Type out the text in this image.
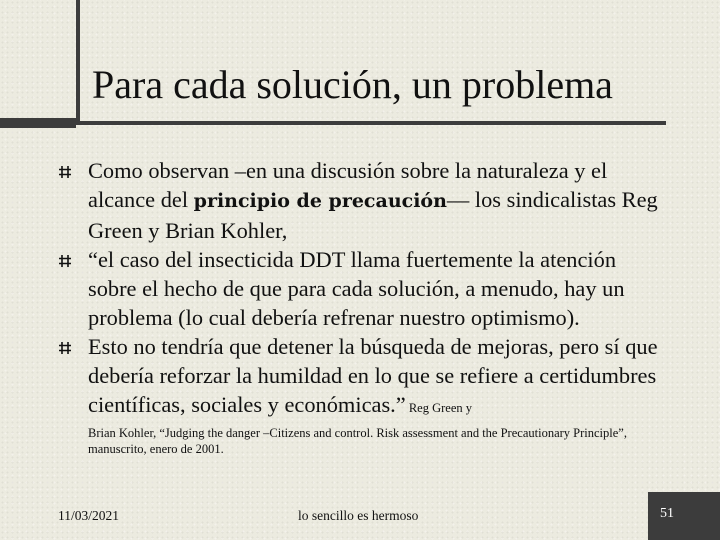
Para cada solución, un problema
Como observan –en una discusión sobre la naturaleza y el alcance del principio de precaución— los sindicalistas Reg Green y Brian Kohler,
“el caso del insecticida DDT llama fuertemente la atención sobre el hecho de que para cada solución, a menudo, hay un problema (lo cual debería refrenar nuestro optimismo).
Esto no tendría que detener la búsqueda de mejoras, pero sí que debería reforzar la humildad en lo que se refiere a certidumbres científicas, sociales y económicas.” Reg Green y
Brian Kohler, “Judging the danger –Citizens and control. Risk assessment and the Precautionary Principle”, manuscrito, enero de 2001.
11/03/2021	lo sencillo es hermoso	51
